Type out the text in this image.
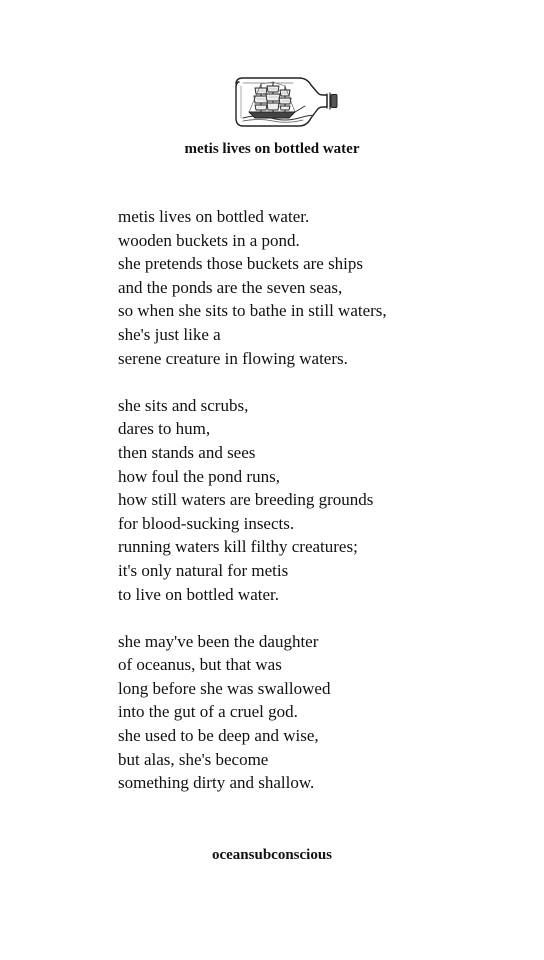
metis lives on bottled water
metis lives on bottled water.
wooden buckets in a pond.
she pretends those buckets are ships
and the ponds are the seven seas,
so when she sits to bathe in still waters,
she's just like a
serene creature in flowing waters.
she sits and scrubs,
dares to hum,
then stands and sees
how foul the pond runs,
how still waters are breeding grounds
for blood-sucking insects.
running waters kill filthy creatures;
it's only natural for metis
to live on bottled water.
she may've been the daughter
of oceanus, but that was
long before she was swallowed
into the gut of a cruel god.
she used to be deep and wise,
but alas, she's become
something dirty and shallow.
oceansubconscious
